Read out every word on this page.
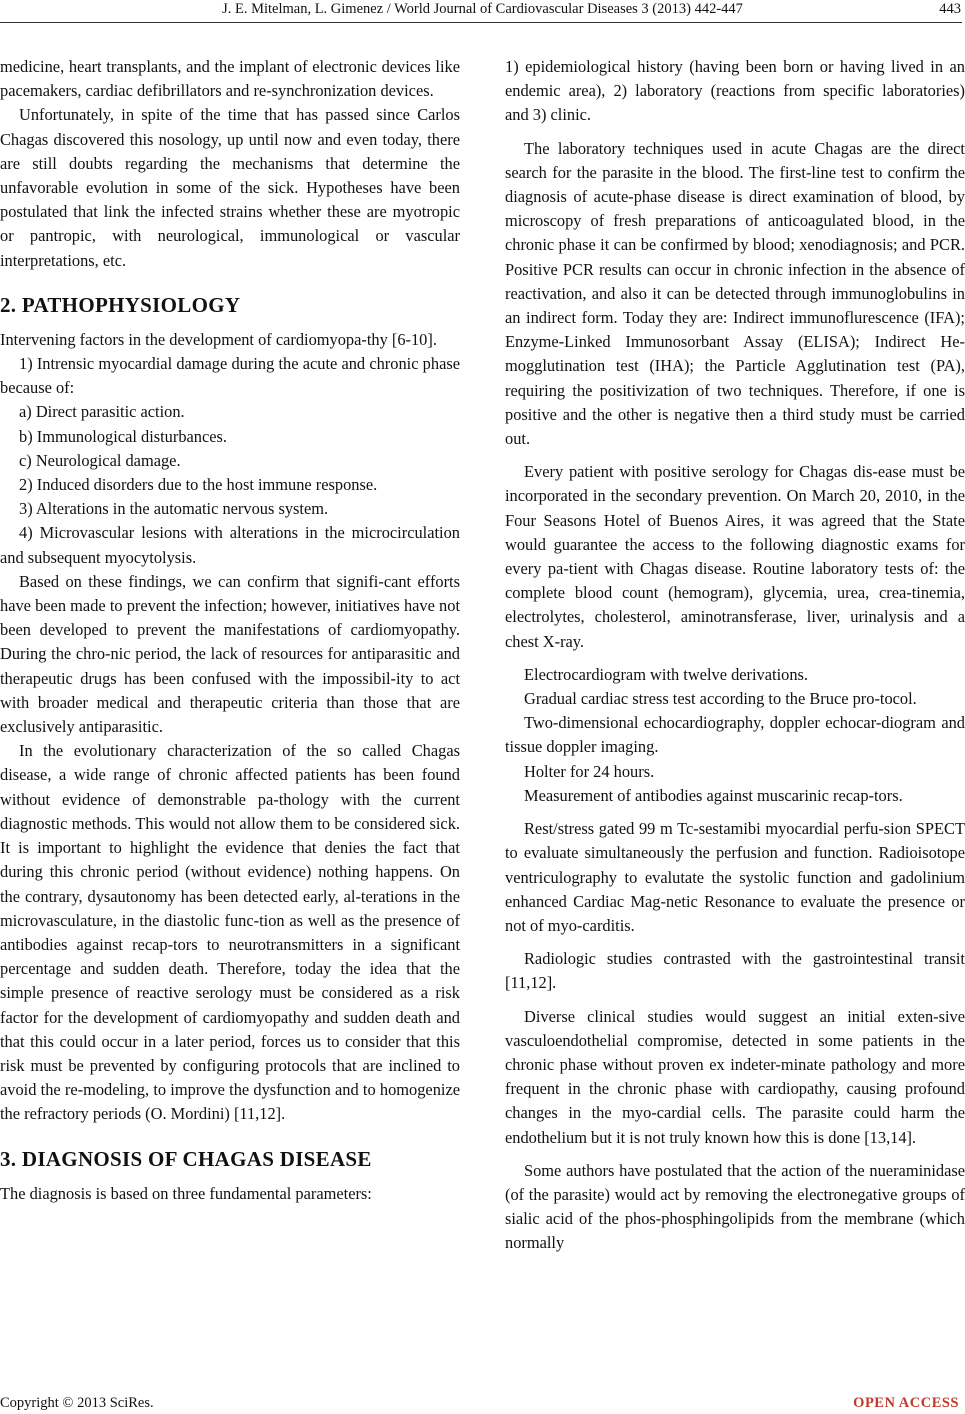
J. E. Mitelman, L. Gimenez / World Journal of Cardiovascular Diseases 3 (2013) 442-447	443

medicine, heart transplants, and the implant of electronic devices like pacemakers, cardiac defibrillators and re-synchronization devices.

Unfortunately, in spite of the time that has passed since Carlos Chagas discovered this nosology, up until now and even today, there are still doubts regarding the mechanisms that determine the unfavorable evolution in some of the sick. Hypotheses have been postulated that link the infected strains whether these are myotropic or pantropic, with neurological, immunological or vascular interpretations, etc.

2. PATHOPHYSIOLOGY

Intervening factors in the development of cardiomyopa-thy [6-10].

1) Intrensic myocardial damage during the acute and chronic phase because of:

a) Direct parasitic action.

b) Immunological disturbances.

c) Neurological damage.

2) Induced disorders due to the host immune response.

3) Alterations in the automatic nervous system.

4) Microvascular lesions with alterations in the microcirculation and subsequent myocytolysis.

Based on these findings, we can confirm that signifi-cant efforts have been made to prevent the infection; however, initiatives have not been developed to prevent the manifestations of cardiomyopathy. During the chro-nic period, the lack of resources for antiparasitic and therapeutic drugs has been confused with the impossibil-ity to act with broader medical and therapeutic criteria than those that are exclusively antiparasitic.

In the evolutionary characterization of the so called Chagas disease, a wide range of chronic affected patients has been found without evidence of demonstrable pa-thology with the current diagnostic methods. This would not allow them to be considered sick. It is important to highlight the evidence that denies the fact that during this chronic period (without evidence) nothing happens. On the contrary, dysautonomy has been detected early, al-terations in the microvasculature, in the diastolic func-tion as well as the presence of antibodies against recap-tors to neurotransmitters in a significant percentage and sudden death. Therefore, today the idea that the simple presence of reactive serology must be considered as a risk factor for the development of cardiomyopathy and sudden death and that this could occur in a later period, forces us to consider that this risk must be prevented by configuring protocols that are inclined to avoid the re-modeling, to improve the dysfunction and to homogenize the refractory periods (O. Mordini) [11,12].

3. DIAGNOSIS OF CHAGAS DISEASE

The diagnosis is based on three fundamental parameters:

1) epidemiological history (having been born or having lived in an endemic area), 2) laboratory (reactions from specific laboratories) and 3) clinic.

The laboratory techniques used in acute Chagas are the direct search for the parasite in the blood. The first-line test to confirm the diagnosis of acute-phase disease is direct examination of blood, by microscopy of fresh preparations of anticoagulated blood, in the chronic phase it can be confirmed by blood; xenodiagnosis; and PCR. Positive PCR results can occur in chronic infection in the absence of reactivation, and also it can be detected through immunoglobulins in an indirect form. Today they are: Indirect immunoflurescence (IFA); Enzyme-Linked Immunosorbant Assay (ELISA); Indirect He-mogglutination test (IHA); the Particle Agglutination test (PA), requiring the positivization of two techniques. Therefore, if one is positive and the other is negative then a third study must be carried out.

Every patient with positive serology for Chagas dis-ease must be incorporated in the secondary prevention. On March 20, 2010, in the Four Seasons Hotel of Buenos Aires, it was agreed that the State would guarantee the access to the following diagnostic exams for every pa-tient with Chagas disease. Routine laboratory tests of: the complete blood count (hemogram), glycemia, urea, crea-tinemia, electrolytes, cholesterol, aminotransferase, liver, urinalysis and a chest X-ray.

Electrocardiogram with twelve derivations.

Gradual cardiac stress test according to the Bruce pro-tocol.

Two-dimensional echocardiography, doppler echocar-diogram and tissue doppler imaging.

Holter for 24 hours.

Measurement of antibodies against muscarinic recap-tors.

Rest/stress gated 99 m Tc-sestamibi myocardial perfu-sion SPECT to evaluate simultaneously the perfusion and function. Radioisotope ventriculography to evalutate the systolic function and gadolinium enhanced Cardiac Mag-netic Resonance to evaluate the presence or not of myo-carditis.

Radiologic studies contrasted with the gastrointestinal transit [11,12].

Diverse clinical studies would suggest an initial exten-sive vasculoendothelial compromise, detected in some patients in the chronic phase without proven ex indeter-minate pathology and more frequent in the chronic phase with cardiopathy, causing profound changes in the myo-cardial cells. The parasite could harm the endothelium but it is not truly known how this is done [13,14].

Some authors have postulated that the action of the nueraminidase (of the parasite) would act by removing the electronegative groups of sialic acid of the phos-phosphingolipids from the membrane (which normally

Copyright © 2013 SciRes.	OPEN ACCESS
